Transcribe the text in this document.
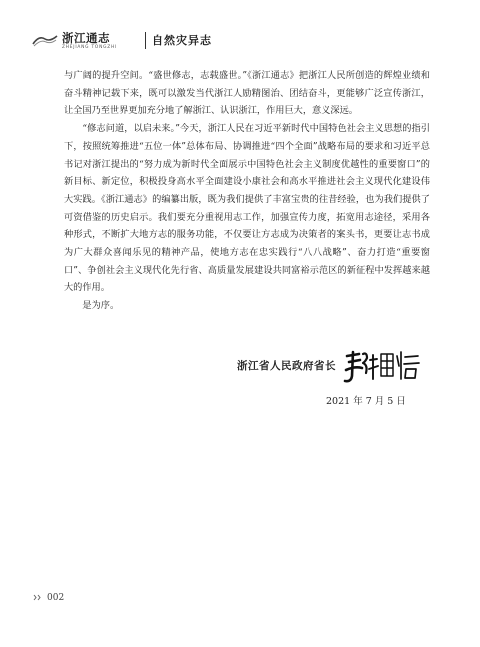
浙江通志
ZHEJIANG TONGZHI
自然灾异志

与广阔的提升空间。“盛世修志，志载盛世。”《浙江通志》把浙江人民所创造的辉煌业绩和奋斗精神记载下来，既可以激发当代浙江人励精图治、团结奋斗，更能够广泛宣传浙江，让全国乃至世界更加充分地了解浙江、认识浙江，作用巨大，意义深远。

“修志问道，以启未来。”今天，浙江人民在习近平新时代中国特色社会主义思想的指引下，按照统筹推进“五位一体”总体布局、协调推进“四个全面”战略布局的要求和习近平总书记对浙江提出的“努力成为新时代全面展示中国特色社会主义制度优越性的重要窗口”的新目标、新定位，积极投身高水平全面建设小康社会和高水平推进社会主义现代化建设伟大实践。《浙江通志》的编纂出版，既为我们提供了丰富宝贵的往昔经验，也为我们提供了可资借鉴的历史启示。我们要充分重视用志工作，加强宣传力度，拓宽用志途径，采用各种形式，不断扩大地方志的服务功能，不仅要让方志成为决策者的案头书，更要让志书成为广大群众喜闻乐见的精神产品，使地方志在忠实践行“八八战略”、奋力打造“重要窗口”、争创社会主义现代化先行省、高质量发展建设共同富裕示范区的新征程中发挥越来越大的作用。

是为序。

浙江省人民政府省长
2021 年 7 月 5 日
002
